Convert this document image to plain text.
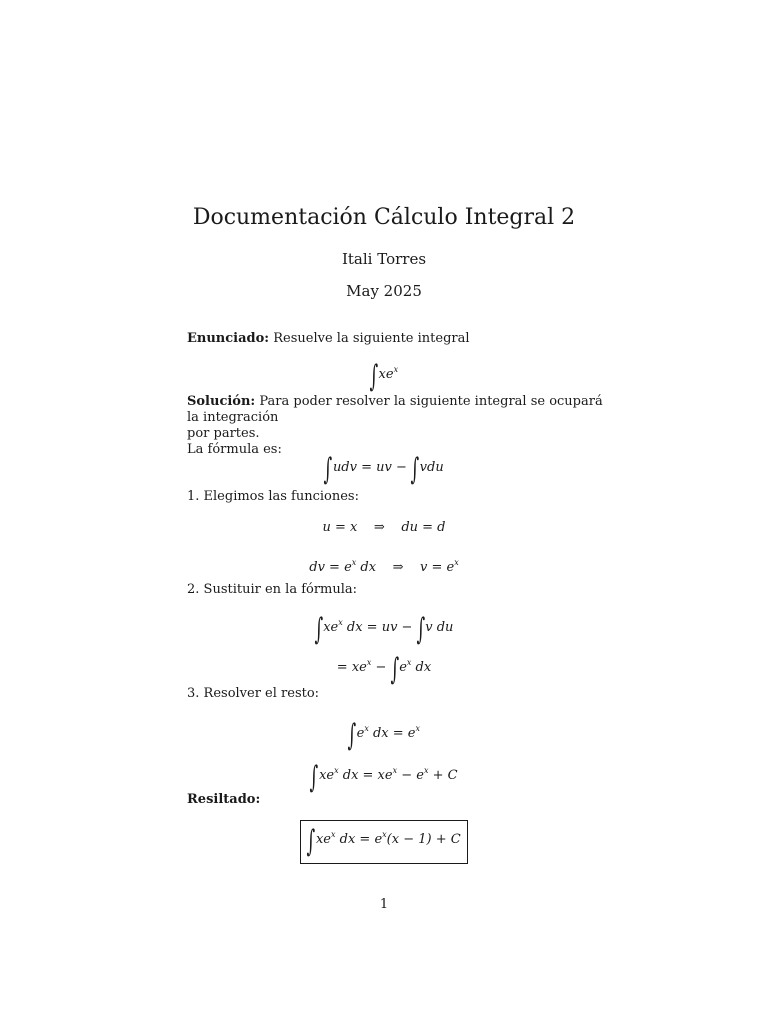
Documentación Cálculo Integral 2
Itali Torres
May 2025
Enunciado: Resuelve la siguiente integral
$\int xe^x$
Solución: Para poder resolver la siguiente integral se ocupará la integración
por partes.
La fórmula es:
∫udv = uv − ∫vdu
1. Elegimos las funciones:
u = x    ⇒    du = d
dv = $e^x$ dx    ⇒    $v = e^x$
2. Sustituir en la fórmula:
$\int xe^x$ dx = uv − ∫v du
= $xe^x - \int e^x$ dx
3. Resolver el resto:
$\int e^x$ dx = $e^x$
$\int xe^x$ dx = $xe^x - e^x + C$
Resiltado:
$\int xe^x$ dx = $e^x(x - 1) + C$
1
